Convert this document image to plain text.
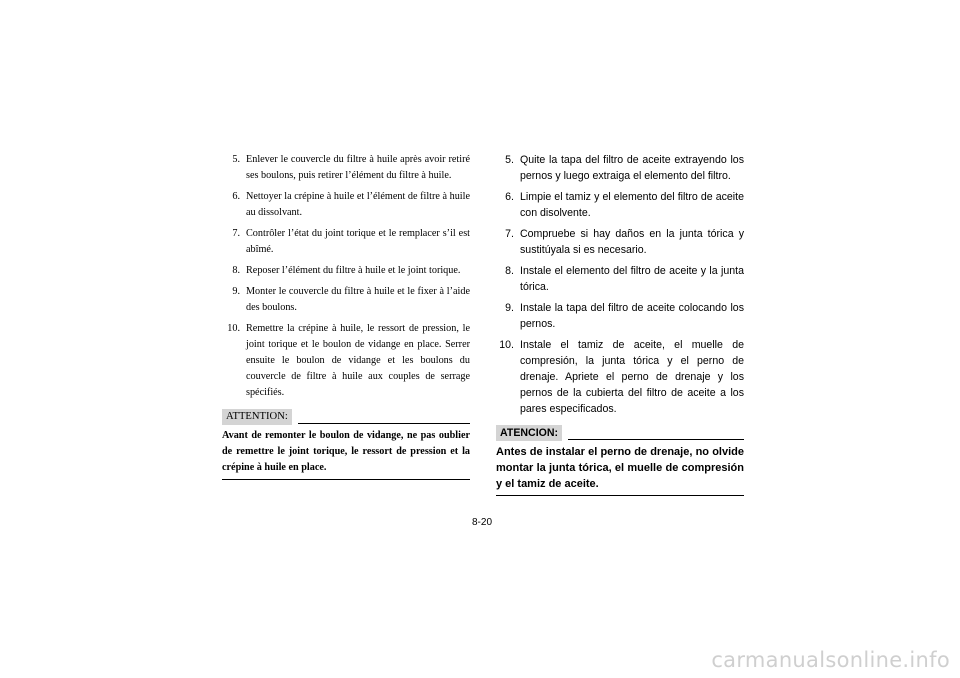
5. Enlever le couvercle du filtre à huile après avoir retiré ses boulons, puis retirer l’élément du filtre à huile.
6. Nettoyer la crépine à huile et l’élément de filtre à huile au dissolvant.
7. Contrôler l’état du joint torique et le remplacer s’il est abîmé.
8. Reposer l’élément du filtre à huile et le joint torique.
9. Monter le couvercle du filtre à huile et le fixer à l’aide des boulons.
10. Remettre la crépine à huile, le ressort de pression, le joint torique et le boulon de vidange en place. Serrer ensuite le boulon de vidange et les boulons du couvercle de filtre à huile aux couples de serrage spécifiés.
ATTENTION:
Avant de remonter le boulon de vidange, ne pas oublier de remettre le joint torique, le ressort de pression et la crépine à huile en place.
5. Quite la tapa del filtro de aceite extrayendo los pernos y luego extraiga el elemento del filtro.
6. Limpie el tamiz y el elemento del filtro de aceite con disolvente.
7. Compruebe si hay daños en la junta tórica y sustitúyala si es necesario.
8. Instale el elemento del filtro de aceite y la junta tórica.
9. Instale la tapa del filtro de aceite colocando los pernos.
10. Instale el tamiz de aceite, el muelle de compresión, la junta tórica y el perno de drenaje. Apriete el perno de drenaje y los pernos de la cubierta del filtro de aceite a los pares especificados.
ATENCION:
Antes de instalar el perno de drenaje, no olvide montar la junta tórica, el muelle de compresión y el tamiz de aceite.
8-20
carmanualsonline.info
